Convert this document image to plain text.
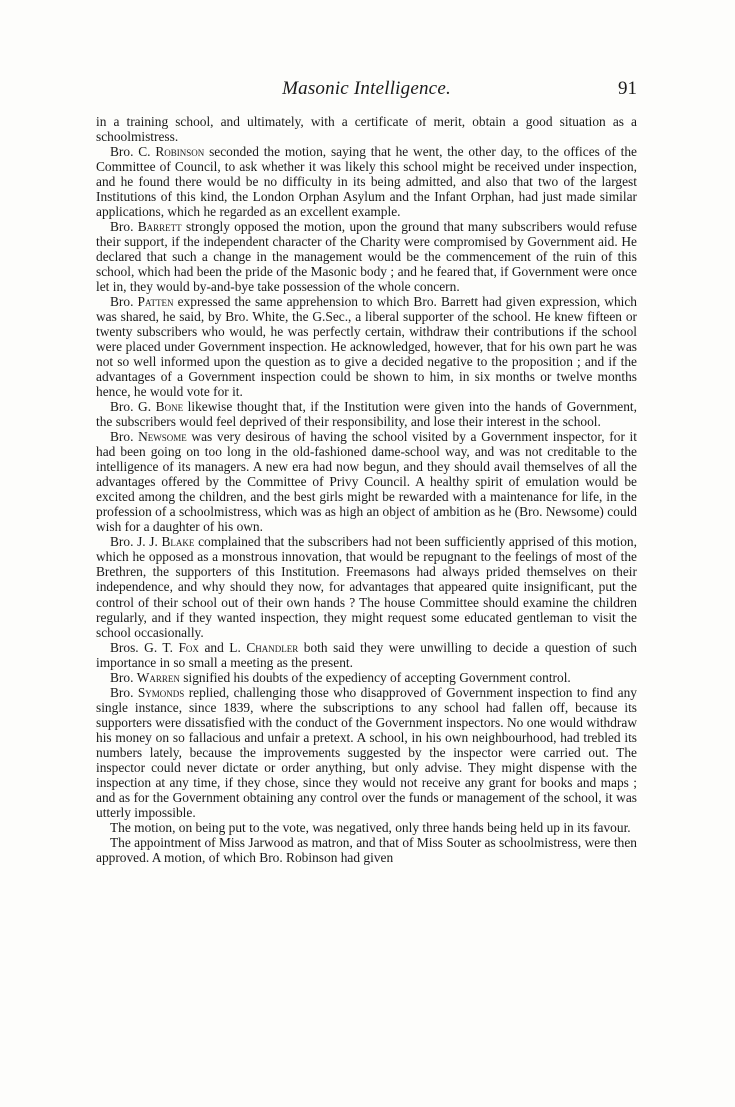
Masonic Intelligence.	91

in a training school, and ultimately, with a certificate of merit, obtain a good situation as a schoolmistress.

Bro. C. Robinson seconded the motion, saying that he went, the other day, to the offices of the Committee of Council, to ask whether it was likely this school might be received under inspection, and he found there would be no difficulty in its being admitted, and also that two of the largest Institutions of this kind, the London Orphan Asylum and the Infant Orphan, had just made similar applications, which he regarded as an excellent example.

Bro. Barrett strongly opposed the motion, upon the ground that many subscribers would refuse their support, if the independent character of the Charity were compromised by Government aid. He declared that such a change in the management would be the commencement of the ruin of this school, which had been the pride of the Masonic body ; and he feared that, if Government were once let in, they would by-and-bye take possession of the whole concern.

Bro. Patten expressed the same apprehension to which Bro. Barrett had given expression, which was shared, he said, by Bro. White, the G.Sec., a liberal supporter of the school. He knew fifteen or twenty subscribers who would, he was perfectly certain, withdraw their contributions if the school were placed under Government inspection. He acknowledged, however, that for his own part he was not so well informed upon the question as to give a decided negative to the proposition ; and if the advantages of a Government inspection could be shown to him, in six months or twelve months hence, he would vote for it.

Bro. G. Bone likewise thought that, if the Institution were given into the hands of Government, the subscribers would feel deprived of their responsibility, and lose their interest in the school.

Bro. Newsome was very desirous of having the school visited by a Government inspector, for it had been going on too long in the old-fashioned dame-school way, and was not creditable to the intelligence of its managers. A new era had now begun, and they should avail themselves of all the advantages offered by the Committee of Privy Council. A healthy spirit of emulation would be excited among the children, and the best girls might be rewarded with a maintenance for life, in the profession of a schoolmistress, which was as high an object of ambition as he (Bro. Newsome) could wish for a daughter of his own.

Bro. J. J. Blake complained that the subscribers had not been sufficiently apprised of this motion, which he opposed as a monstrous innovation, that would be repugnant to the feelings of most of the Brethren, the supporters of this Institution. Freemasons had always prided themselves on their independence, and why should they now, for advantages that appeared quite insignificant, put the control of their school out of their own hands ? The house Committee should examine the children regularly, and if they wanted inspection, they might request some educated gentleman to visit the school occasionally.

Bros. G. T. Fox and L. Chandler both said they were unwilling to decide a question of such importance in so small a meeting as the present.

Bro. Warren signified his doubts of the expediency of accepting Government control.

Bro. Symonds replied, challenging those who disapproved of Government inspection to find any single instance, since 1839, where the subscriptions to any school had fallen off, because its supporters were dissatisfied with the conduct of the Government inspectors. No one would withdraw his money on so fallacious and unfair a pretext. A school, in his own neighbourhood, had trebled its numbers lately, because the improvements suggested by the inspector were carried out. The inspector could never dictate or order anything, but only advise. They might dispense with the inspection at any time, if they chose, since they would not receive any grant for books and maps ; and as for the Government obtaining any control over the funds or management of the school, it was utterly impossible.

The motion, on being put to the vote, was negatived, only three hands being held up in its favour.

The appointment of Miss Jarwood as matron, and that of Miss Souter as schoolmistress, were then approved. A motion, of which Bro. Robinson had given
